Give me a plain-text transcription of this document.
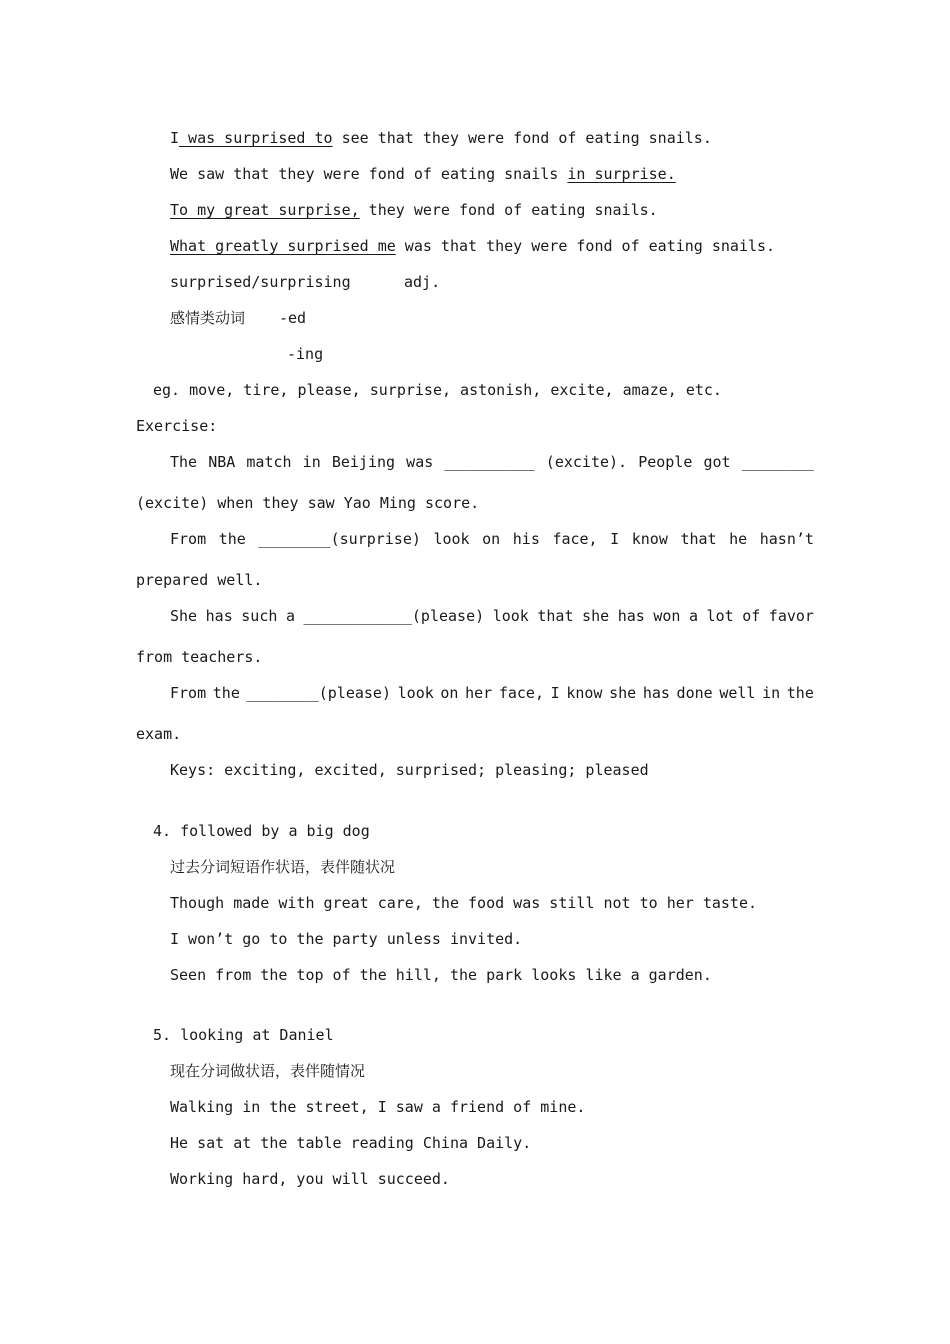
I was surprised to see that they were fond of eating snails.
We saw that they were fond of eating snails in surprise.
To my great surprise, they were fond of eating snails.
What greatly surprised me was that they were fond of eating snails.
surprised/surprising	adj.
感情类动词 -ed
-ing
eg. move, tire, please, surprise, astonish, excite, amaze, etc.
Exercise:
The NBA match in Beijing was __________ (excite). People got ________
(excite) when they saw Yao Ming score.
From the ________(surprise) look on his face, I know that he hasn’t
prepared well.
She has such a ____________(please) look that she has won a lot of favor
from teachers.
From the ________(please) look on her face, I know she has done well in the
exam.
Keys: exciting, excited, surprised; pleasing; pleased
4. followed by a big dog
过去分词短语作状语，表伴随状况
Though made with great care, the food was still not to her taste.
I won’t go to the party unless invited.
Seen from the top of the hill, the park looks like a garden.
5. looking at Daniel
现在分词做状语，表伴随情况
Walking in the street, I saw a friend of mine.
He sat at the table reading China Daily.
Working hard, you will succeed.
